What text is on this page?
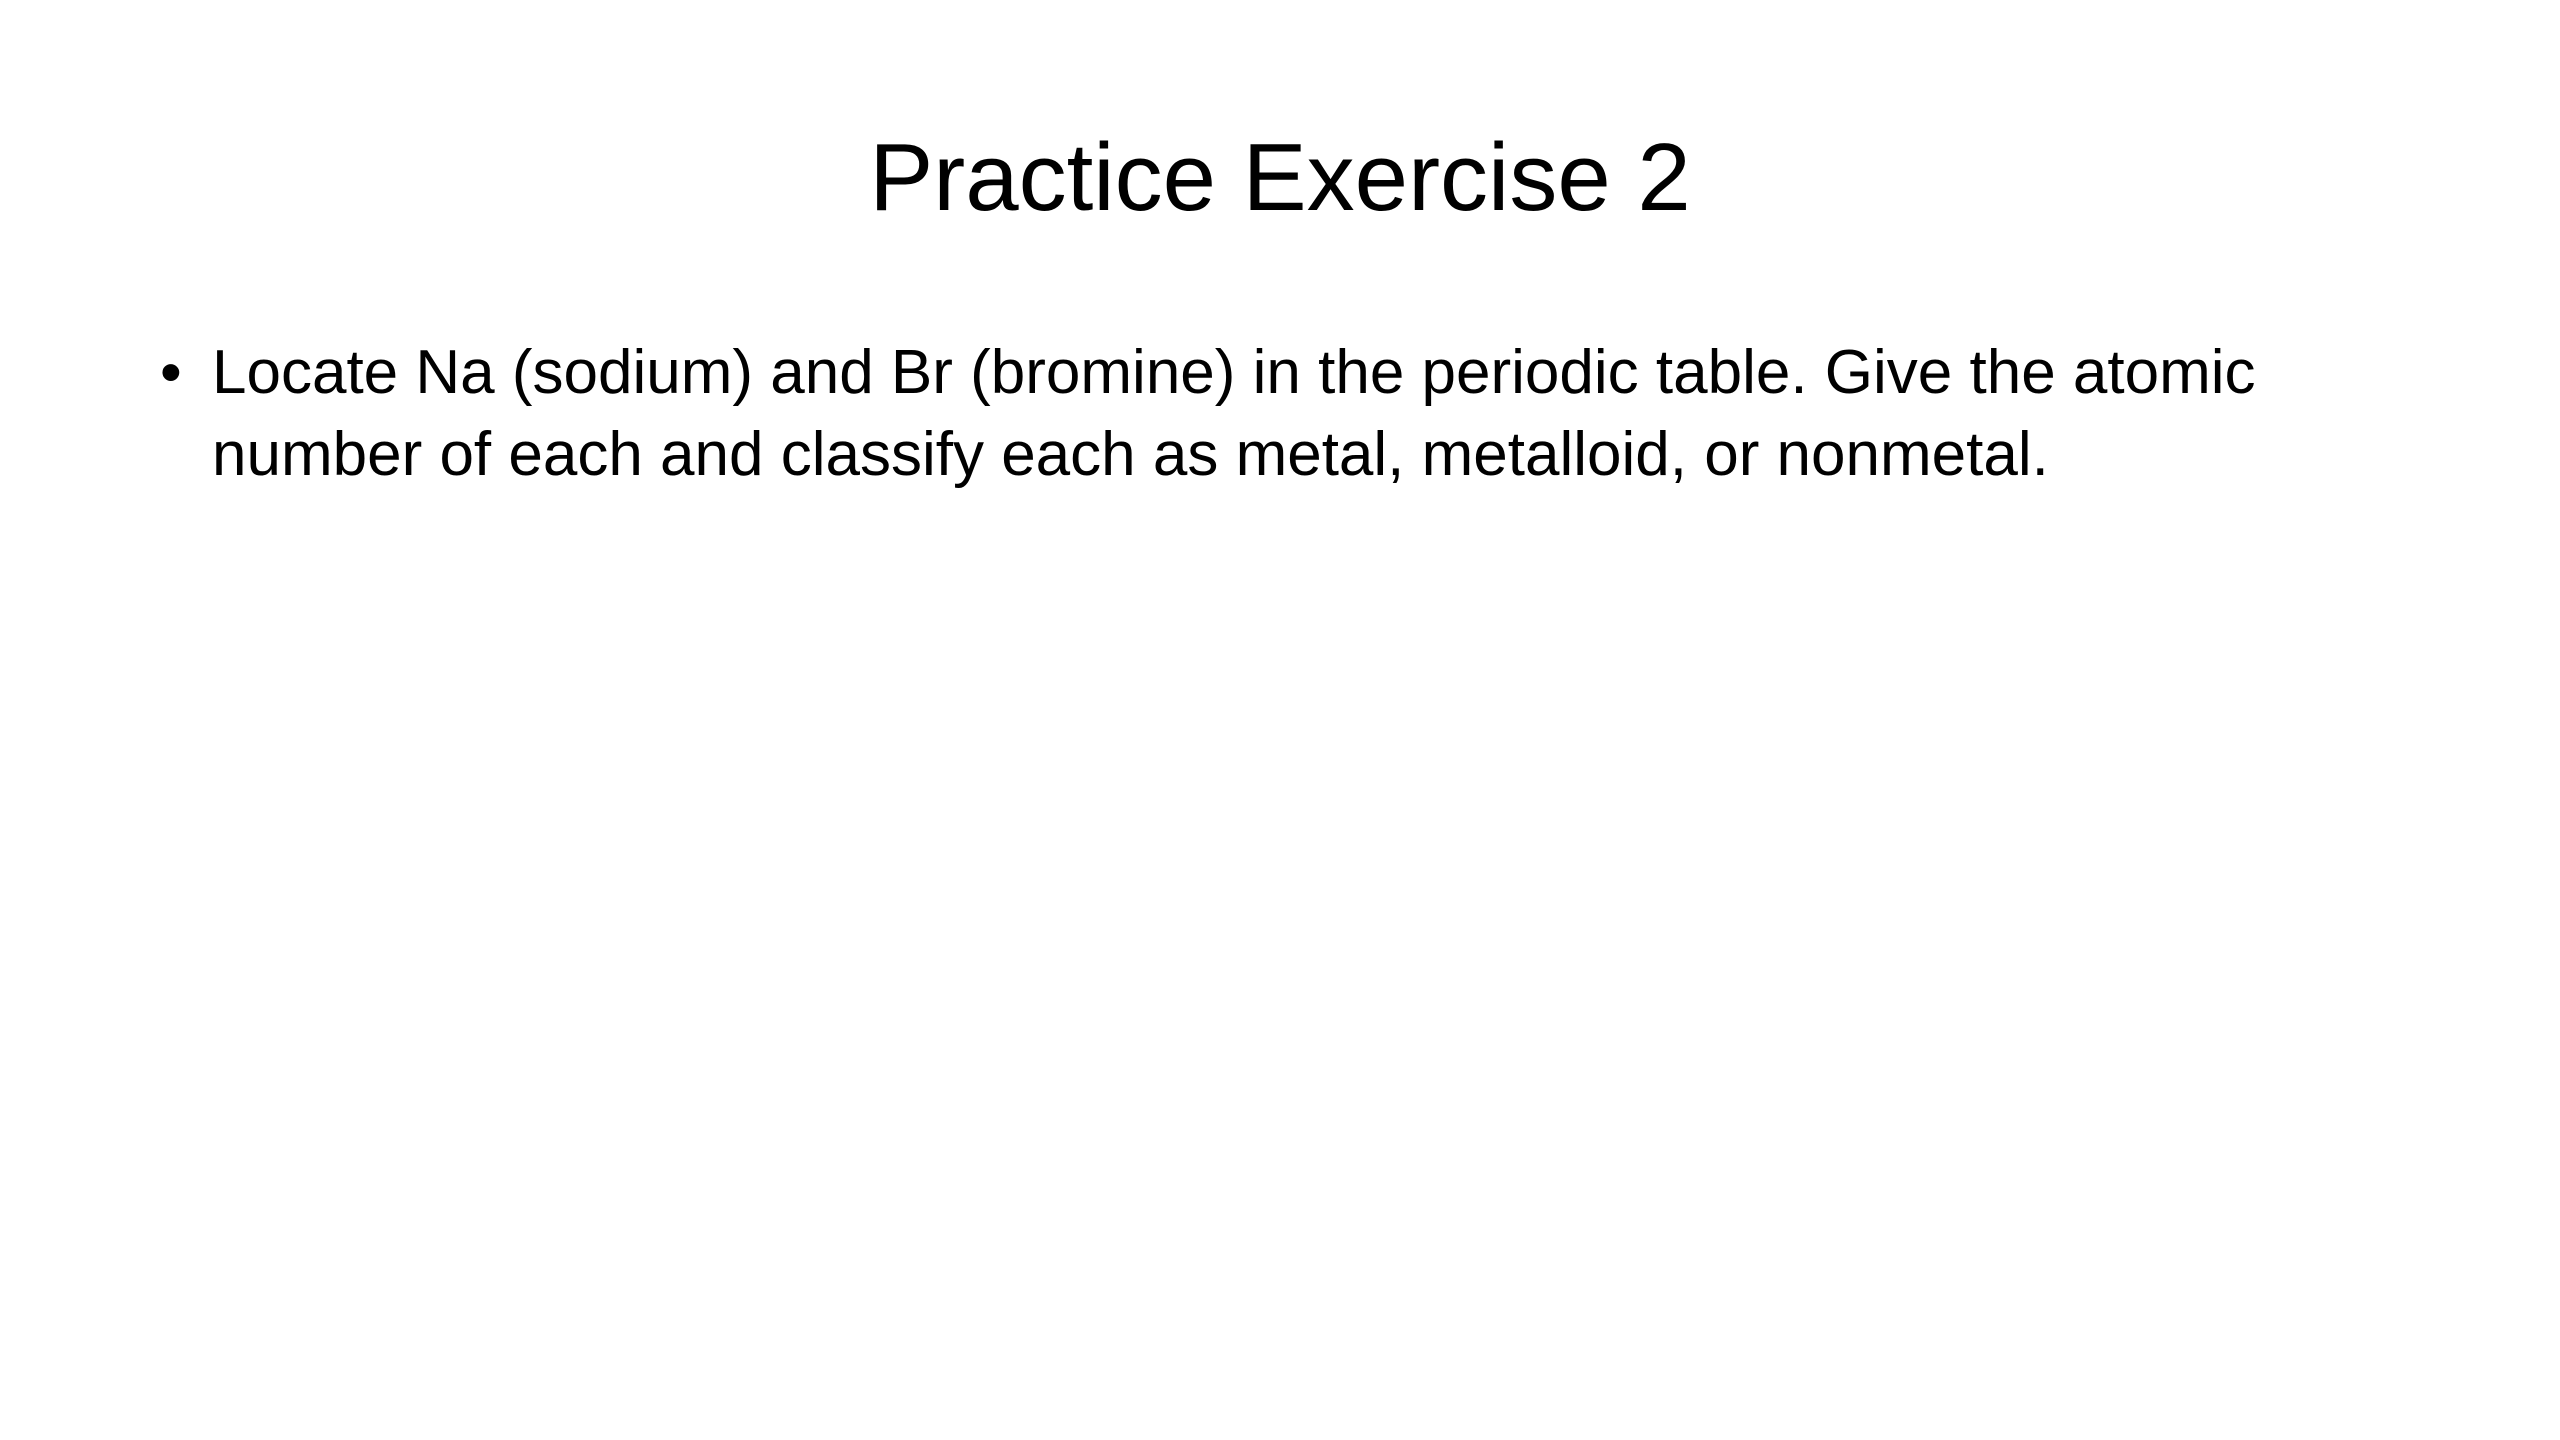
Practice Exercise 2
• Locate Na (sodium) and Br (bromine) in the periodic table. Give the atomic number of each and classify each as metal, metalloid, or nonmetal.
